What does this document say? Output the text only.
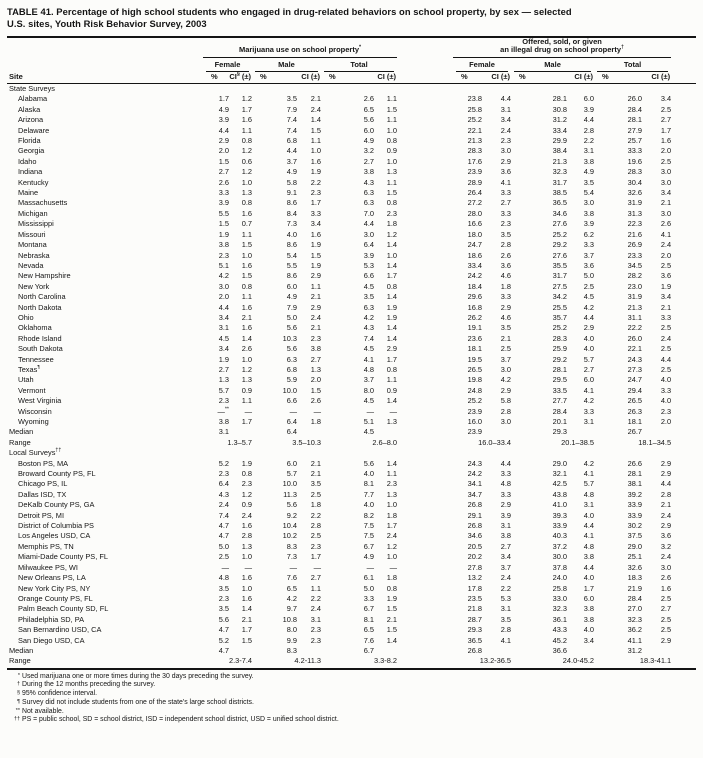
TABLE 41. Percentage of high school students who engaged in drug-related behaviors on school property, by sex — selected
U.S. sites, Youth Risk Behavior Survey, 2003
Site	Marijuana use on school property*							Offered, sold, or given
an illegal drug on school property†	

	Female		Male		Total			Female		Male		Total		

	% CI§ (±)		% CI (±)		% CI (±)			% CI (±)		% CI (±)		% CI (±)		

State Surveys														
Alabama	1.7	1.2	3.5	2.1	2.6	1.1		23.8	4.4	28.1	6.0	26.0	3.4	
Alaska	4.9	1.7	7.9	2.4	6.5	1.5		25.8	3.1	30.8	3.9	28.4	2.5	
Arizona	3.9	1.6	7.4	1.4	5.6	1.1		25.2	3.4	31.2	4.4	28.1	2.7	
Delaware	4.4	1.1	7.4	1.5	6.0	1.0		22.1	2.4	33.4	2.8	27.9	1.7	
Florida	2.9	0.8	6.8	1.1	4.9	0.8		21.3	2.3	29.9	2.2	25.7	1.6	
Georgia	2.0	1.2	4.4	1.0	3.2	0.9		28.3	3.0	38.4	3.1	33.3	2.0	
Idaho	1.5	0.6	3.7	1.6	2.7	1.0		17.6	2.9	21.3	3.8	19.6	2.5	
Indiana	2.7	1.2	4.9	1.9	3.8	1.3		23.9	3.6	32.3	4.9	28.3	3.0	
Kentucky	2.6	1.0	5.8	2.2	4.3	1.1		28.9	4.1	31.7	3.5	30.4	3.0	
Maine	3.3	1.3	9.1	2.3	6.3	1.5		26.4	3.3	38.5	5.4	32.6	3.4	
Massachusetts	3.9	0.8	8.6	1.7	6.3	0.8		27.2	2.7	36.5	3.0	31.9	2.1	
Michigan	5.5	1.6	8.4	3.3	7.0	2.3		28.0	3.3	34.6	3.8	31.3	3.0	
Mississippi	1.5	0.7	7.3	3.4	4.4	1.8		16.6	2.3	27.6	3.9	22.3	2.6	
Missouri	1.9	1.1	4.0	1.6	3.0	1.2		18.0	3.5	25.2	6.2	21.6	4.1	
Montana	3.8	1.5	8.6	1.9	6.4	1.4		24.7	2.8	29.2	3.3	26.9	2.4	
Nebraska	2.3	1.0	5.4	1.5	3.9	1.0		18.6	2.6	27.6	3.7	23.3	2.0	
Nevada	5.1	1.6	5.5	1.9	5.3	1.4		33.4	3.6	35.5	3.6	34.5	2.5	
New Hampshire	4.2	1.5	8.6	2.9	6.6	1.7		24.2	4.6	31.7	5.0	28.2	3.6	
New York	3.0	0.8	6.0	1.1	4.5	0.8		18.4	1.8	27.5	2.5	23.0	1.9	
North Carolina	2.0	1.1	4.9	2.1	3.5	1.4		29.6	3.3	34.2	4.5	31.9	3.4	
North Dakota	4.4	1.6	7.9	2.9	6.3	1.9		16.8	2.9	25.5	4.2	21.3	2.1	
Ohio	3.4	2.1	5.0	2.4	4.2	1.9		26.2	4.6	35.7	4.4	31.1	3.3	
Oklahoma	3.1	1.6	5.6	2.1	4.3	1.4		19.1	3.5	25.2	2.9	22.2	2.5	
Rhode Island	4.5	1.4	10.3	2.3	7.4	1.4		23.6	2.1	28.3	4.0	26.0	2.4	
South Dakota	3.4	2.6	5.6	3.8	4.5	2.9		18.1	2.5	25.9	4.0	22.1	2.5	
Tennessee	1.9	1.0	6.3	2.7	4.1	1.7		19.5	3.7	29.2	5.7	24.3	4.4	
Texas¶	2.7	1.2	6.8	1.3	4.8	0.8		26.5	3.0	28.1	2.7	27.3	2.5	
Utah	1.3	1.3	5.9	2.0	3.7	1.1		19.8	4.2	29.5	6.0	24.7	4.0	
Vermont	5.7	0.9	10.0	1.5	8.0	0.9		24.8	2.9	33.5	4.1	29.4	3.3	
West Virginia	2.3	1.1	6.6	2.6	4.5	1.4		25.2	5.8	27.7	4.2	26.5	4.0	
Wisconsin	—**	—	—	—	—	—		23.9	2.8	28.4	3.3	26.3	2.3	
Wyoming	3.8	1.7	6.4	1.8	5.1	1.3		16.0	3.0	20.1	3.1	18.1	2.0	
Median	3.1		6.4		4.5			23.9		29.3		26.7		
Range	1.3–5.7		3.5–10.3		2.6–8.0			16.0–33.4		20.1–38.5		18.1–34.5		
Local Surveys††
Boston PS, MA	5.2	1.9	6.0	2.1	5.6	1.4		24.3	4.4	29.0	4.2	26.6	2.9	
Broward County PS, FL	2.3	0.8	5.7	2.1	4.0	1.1		24.2	3.3	32.1	4.1	28.1	2.9	
Chicago PS, IL	6.4	2.3	10.0	3.5	8.1	2.3		34.1	4.8	42.5	5.7	38.1	4.4	
Dallas ISD, TX	4.3	1.2	11.3	2.5	7.7	1.3		34.7	3.3	43.8	4.8	39.2	2.8	
DeKalb County PS, GA	2.4	0.9	5.6	1.8	4.0	1.0		26.8	2.9	41.0	3.1	33.9	2.1	
Detroit PS, MI	7.4	2.4	9.2	2.2	8.2	1.8		29.1	3.9	39.3	4.0	33.9	2.4	
District of Columbia PS	4.7	1.6	10.4	2.8	7.5	1.7		26.8	3.1	33.9	4.4	30.2	2.9	
Los Angeles USD, CA	4.7	2.8	10.2	2.5	7.5	2.4		34.6	3.8	40.3	4.1	37.5	3.6	
Memphis PS, TN	5.0	1.3	8.3	2.3	6.7	1.2		20.5	2.7	37.2	4.8	29.0	3.2	
Miami-Dade County PS, FL	2.5	1.0	7.3	1.7	4.9	1.0		20.2	3.4	30.0	3.8	25.1	2.4	
Milwaukee PS, WI	—	—	—	—	—	—		27.8	3.7	37.8	4.4	32.6	3.0	
New Orleans PS, LA	4.8	1.6	7.6	2.7	6.1	1.8		13.2	2.4	24.0	4.0	18.3	2.6	
New York City PS, NY	3.5	1.0	6.5	1.1	5.0	0.8		17.8	2.2	25.8	1.7	21.9	1.6	
Orange County PS, FL	2.3	1.6	4.2	2.2	3.3	1.9		23.5	5.3	33.0	6.0	28.4	2.5	
Palm Beach County SD, FL	3.5	1.4	9.7	2.4	6.7	1.5		21.8	3.1	32.3	3.8	27.0	2.7	
Philadelphia SD, PA	5.6	2.1	10.8	3.1	8.1	2.1		28.7	3.5	36.1	3.8	32.3	2.5	
San Bernardino USD, CA	4.7	1.7	8.0	2.3	6.5	1.5		29.3	2.8	43.3	4.0	36.2	2.5	
San Diego USD, CA	5.2	1.5	9.9	2.3	7.6	1.4		36.5	4.1	45.2	3.4	41.1	2.9	
Median	4.7		8.3		6.7			26.8		36.6		31.2		
Range	2.3-7.4		4.2-11.3		3.3-8.2			13.2-36.5		24.0-45.2		18.3-41.1		
* Used marijuana one or more times during the 30 days preceding the survey.
† During the 12 months preceding the survey.
§ 95% confidence interval.
¶ Survey did not include students from one of the state's large school districts.
** Not available.
†† PS = public school, SD = school district, ISD = independent school district, USD = unified school district.
